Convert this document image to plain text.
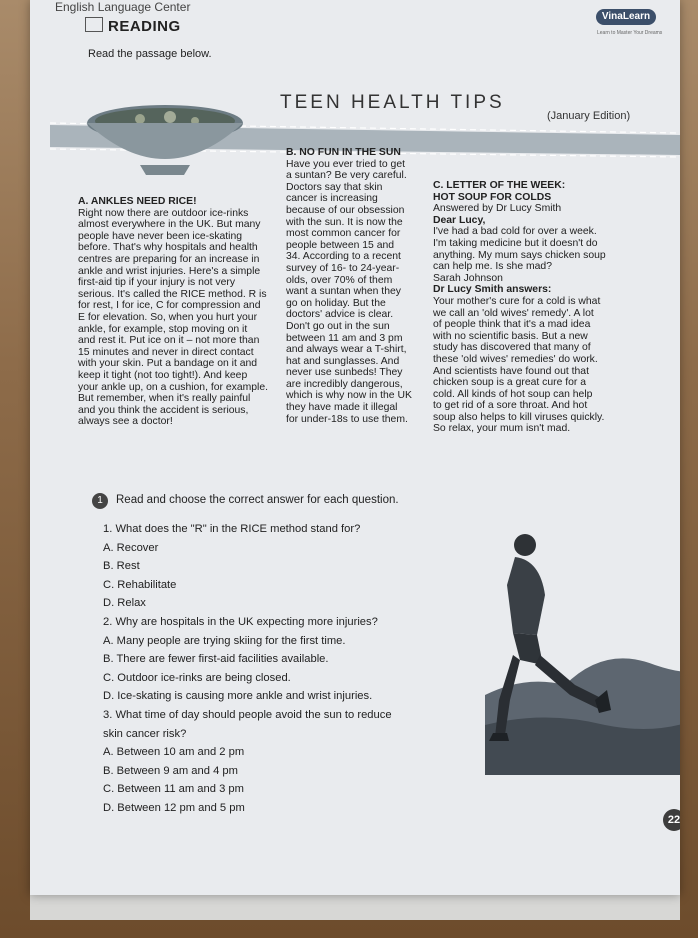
English Language Center
READING
VinaLearn
Learn to Master Your Dreams
Read the passage below.
TEEN HEALTH TIPS
(January Edition)

A. ANKLES NEED RICE!

Right now there are outdoor ice-rinks

almost everywhere in the UK. But many

people have never been ice-skating

before. That's why hospitals and health

centres are preparing for an increase in

ankle and wrist injuries. Here's a simple

first-aid tip if your injury is not very

serious. It's called the RICE method. R is

for rest, I for ice, C for compression and

E for elevation. So, when you hurt your

ankle, for example, stop moving on it

and rest it. Put ice on it – not more than

15 minutes and never in direct contact

with your skin. Put a bandage on it and

keep it tight (not too tight!). And keep

your ankle up, on a cushion, for example.

But remember, when it's really painful

and you think the accident is serious,

always see a doctor!

B. NO FUN IN THE SUN

Have you ever tried to get

a suntan? Be very careful.

Doctors say that skin

cancer is increasing

because of our obsession

with the sun. It is now the

most common cancer for

people between 15 and

34. According to a recent

survey of 16- to 24-year-

olds, over 70% of them

want a suntan when they

go on holiday. But the

doctors' advice is clear.

Don't go out in the sun

between 11 am and 3 pm

and always wear a T-shirt,

hat and sunglasses. And

never use sunbeds! They

are incredibly dangerous,

which is why now in the UK

they have made it illegal

for under-18s to use them.

C. LETTER OF THE WEEK:

HOT SOUP FOR COLDS

Answered by Dr Lucy Smith

Dear Lucy,

I've had a bad cold for over a week.

I'm taking medicine but it doesn't do

anything. My mum says chicken soup

can help me. Is she mad?

Sarah Johnson

Dr Lucy Smith answers:

Your mother's cure for a cold is what

we call an 'old wives' remedy'. A lot

of people think that it's a mad idea

with no scientific basis. But a new

study has discovered that many of

these 'old wives' remedies' do work.

And scientists have found out that

chicken soup is a great cure for a

cold. All kinds of hot soup can help

to get rid of a sore throat. And hot

soup also helps to kill viruses quickly.

So relax, your mum isn't mad.

1 Read and choose the correct answer for each question.
1. What does the "R" in the RICE method stand for?
A. Recover
B. Rest
C. Rehabilitate
D. Relax
2. Why are hospitals in the UK expecting more injuries?
A. Many people are trying skiing for the first time.
B. There are fewer first-aid facilities available.
C. Outdoor ice-rinks are being closed.
D. Ice-skating is causing more ankle and wrist injuries.
3. What time of day should people avoid the sun to reduce
skin cancer risk?
A. Between 10 am and 2 pm
B. Between 9 am and 4 pm
C. Between 11 am and 3 pm
D. Between 12 pm and 5 pm
22
